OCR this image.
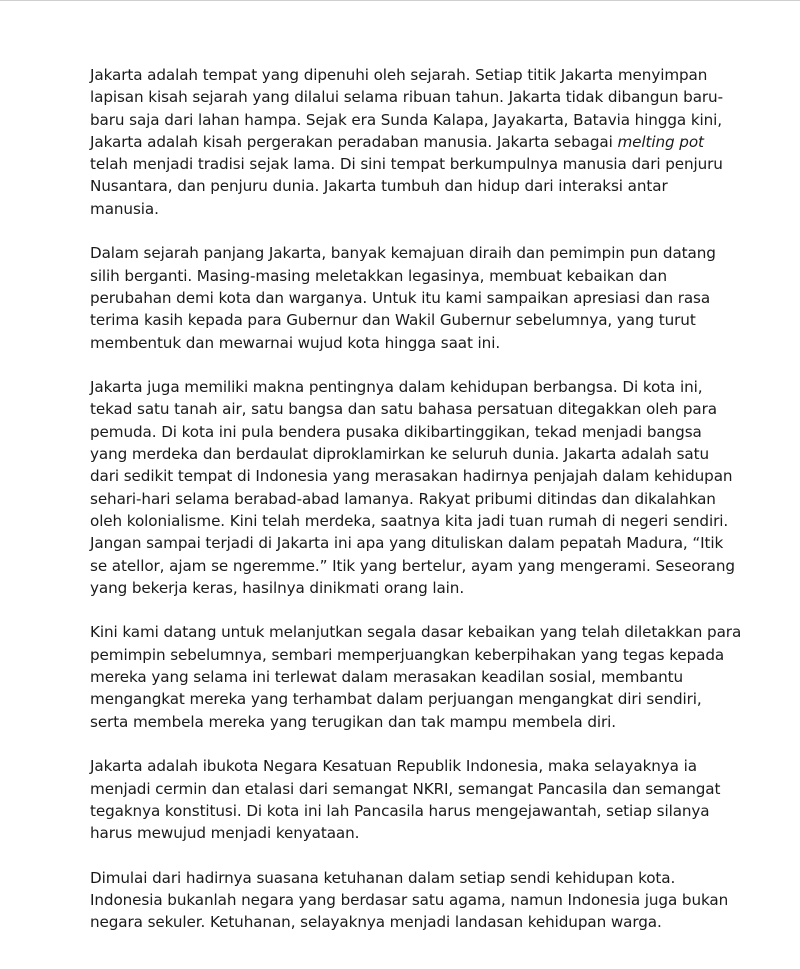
Jakarta adalah tempat yang dipenuhi oleh sejarah. Setiap titik Jakarta menyimpan
lapisan kisah sejarah yang dilalui selama ribuan tahun. Jakarta tidak dibangun baru-
baru saja dari lahan hampa. Sejak era Sunda Kalapa, Jayakarta, Batavia hingga kini,
Jakarta adalah kisah pergerakan peradaban manusia. Jakarta sebagai melting pot
telah menjadi tradisi sejak lama. Di sini tempat berkumpulnya manusia dari penjuru
Nusantara, dan penjuru dunia. Jakarta tumbuh dan hidup dari interaksi antar
manusia.

Dalam sejarah panjang Jakarta, banyak kemajuan diraih dan pemimpin pun datang
silih berganti. Masing-masing meletakkan legasinya, membuat kebaikan dan
perubahan demi kota dan warganya. Untuk itu kami sampaikan apresiasi dan rasa
terima kasih kepada para Gubernur dan Wakil Gubernur sebelumnya, yang turut
membentuk dan mewarnai wujud kota hingga saat ini.

Jakarta juga memiliki makna pentingnya dalam kehidupan berbangsa. Di kota ini,
tekad satu tanah air, satu bangsa dan satu bahasa persatuan ditegakkan oleh para
pemuda. Di kota ini pula bendera pusaka dikibartinggikan, tekad menjadi bangsa
yang merdeka dan berdaulat diproklamirkan ke seluruh dunia. Jakarta adalah satu
dari sedikit tempat di Indonesia yang merasakan hadirnya penjajah dalam kehidupan
sehari-hari selama berabad-abad lamanya. Rakyat pribumi ditindas dan dikalahkan
oleh kolonialisme. Kini telah merdeka, saatnya kita jadi tuan rumah di negeri sendiri.
Jangan sampai terjadi di Jakarta ini apa yang dituliskan dalam pepatah Madura, “Itik
se atellor, ajam se ngeremme.” Itik yang bertelur, ayam yang mengerami. Seseorang
yang bekerja keras, hasilnya dinikmati orang lain.

Kini kami datang untuk melanjutkan segala dasar kebaikan yang telah diletakkan para
pemimpin sebelumnya, sembari memperjuangkan keberpihakan yang tegas kepada
mereka yang selama ini terlewat dalam merasakan keadilan sosial, membantu
mengangkat mereka yang terhambat dalam perjuangan mengangkat diri sendiri,
serta membela mereka yang terugikan dan tak mampu membela diri.

Jakarta adalah ibukota Negara Kesatuan Republik Indonesia, maka selayaknya ia
menjadi cermin dan etalasi dari semangat NKRI, semangat Pancasila dan semangat
tegaknya konstitusi. Di kota ini lah Pancasila harus mengejawantah, setiap silanya
harus mewujud menjadi kenyataan.

Dimulai dari hadirnya suasana ketuhanan dalam setiap sendi kehidupan kota.
Indonesia bukanlah negara yang berdasar satu agama, namun Indonesia juga bukan
negara sekuler. Ketuhanan, selayaknya menjadi landasan kehidupan warga.
